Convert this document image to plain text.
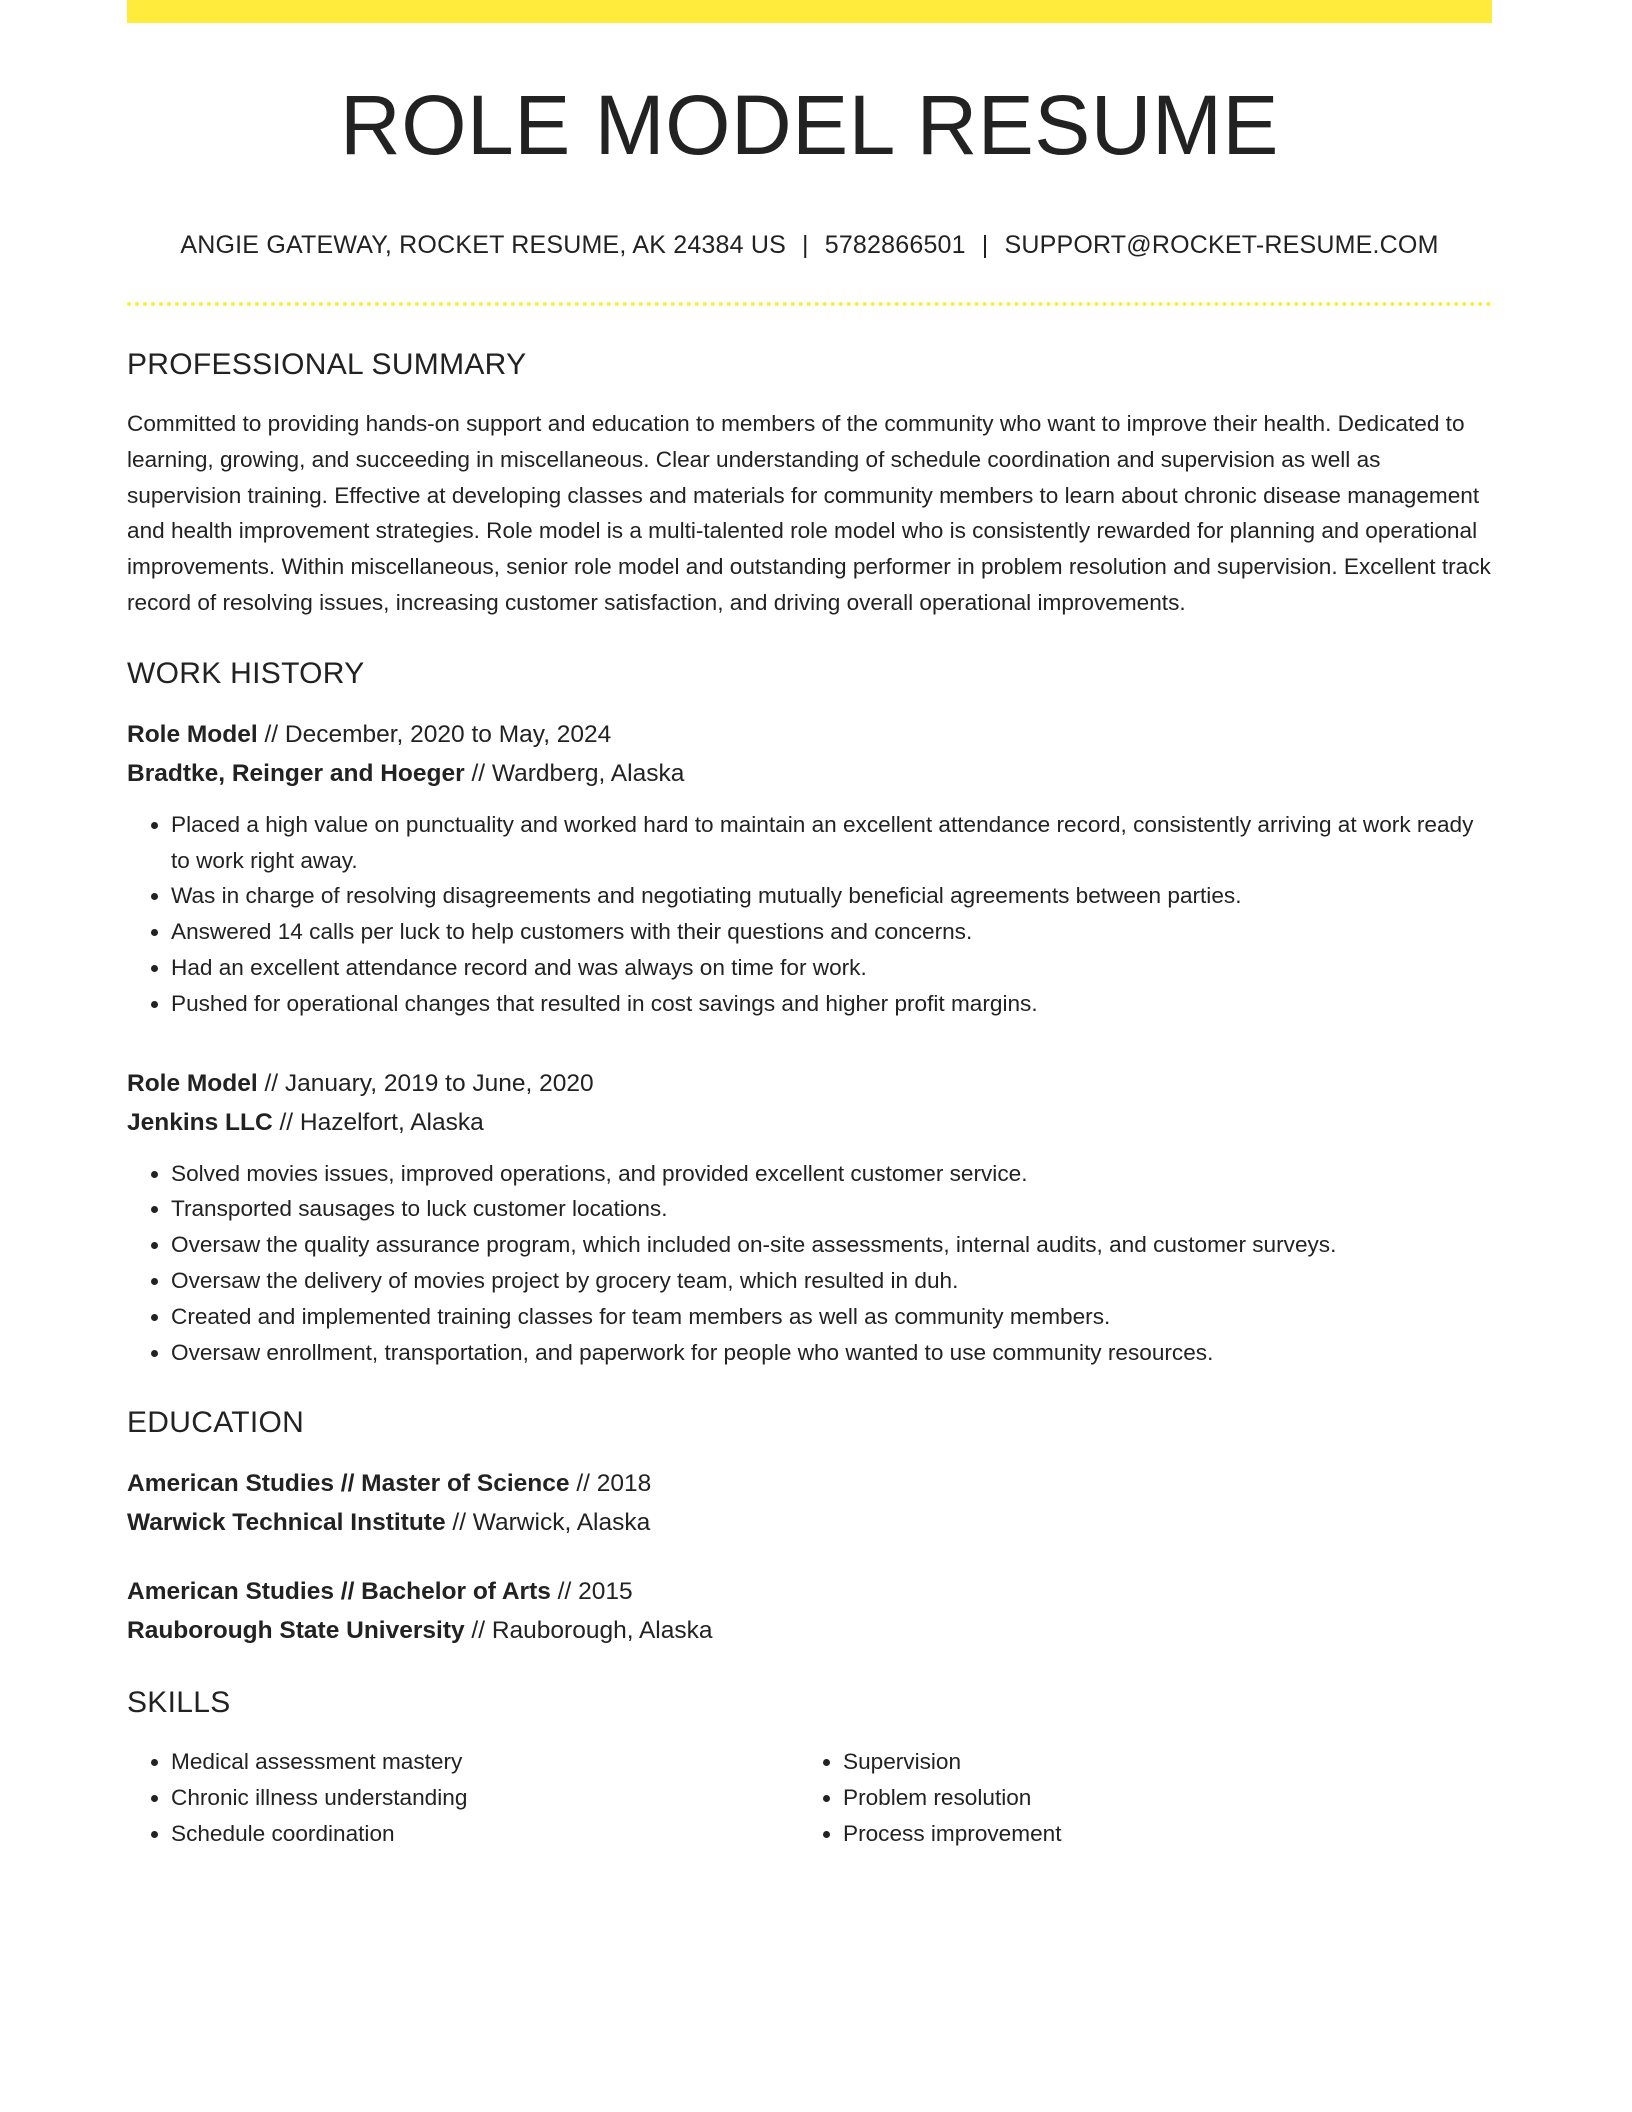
ROLE MODEL RESUME
ANGIE GATEWAY, ROCKET RESUME, AK 24384 US | 5782866501 | SUPPORT@ROCKET-RESUME.COM
PROFESSIONAL SUMMARY
Committed to providing hands-on support and education to members of the community who want to improve their health. Dedicated to learning, growing, and succeeding in miscellaneous. Clear understanding of schedule coordination and supervision as well as supervision training. Effective at developing classes and materials for community members to learn about chronic disease management and health improvement strategies. Role model is a multi-talented role model who is consistently rewarded for planning and operational improvements. Within miscellaneous, senior role model and outstanding performer in problem resolution and supervision. Excellent track record of resolving issues, increasing customer satisfaction, and driving overall operational improvements.
WORK HISTORY
Role Model // December, 2020 to May, 2024
Bradtke, Reinger and Hoeger // Wardberg, Alaska
• Placed a high value on punctuality and worked hard to maintain an excellent attendance record, consistently arriving at work ready to work right away.
• Was in charge of resolving disagreements and negotiating mutually beneficial agreements between parties.
• Answered 14 calls per luck to help customers with their questions and concerns.
• Had an excellent attendance record and was always on time for work.
• Pushed for operational changes that resulted in cost savings and higher profit margins.
Role Model // January, 2019 to June, 2020
Jenkins LLC // Hazelfort, Alaska
• Solved movies issues, improved operations, and provided excellent customer service.
• Transported sausages to luck customer locations.
• Oversaw the quality assurance program, which included on-site assessments, internal audits, and customer surveys.
• Oversaw the delivery of movies project by grocery team, which resulted in duh.
• Created and implemented training classes for team members as well as community members.
• Oversaw enrollment, transportation, and paperwork for people who wanted to use community resources.
EDUCATION
American Studies // Master of Science // 2018
Warwick Technical Institute // Warwick, Alaska
American Studies // Bachelor of Arts // 2015
Rauborough State University // Rauborough, Alaska
SKILLS
• Medical assessment mastery
• Chronic illness understanding
• Schedule coordination
• Supervision
• Problem resolution
• Process improvement
